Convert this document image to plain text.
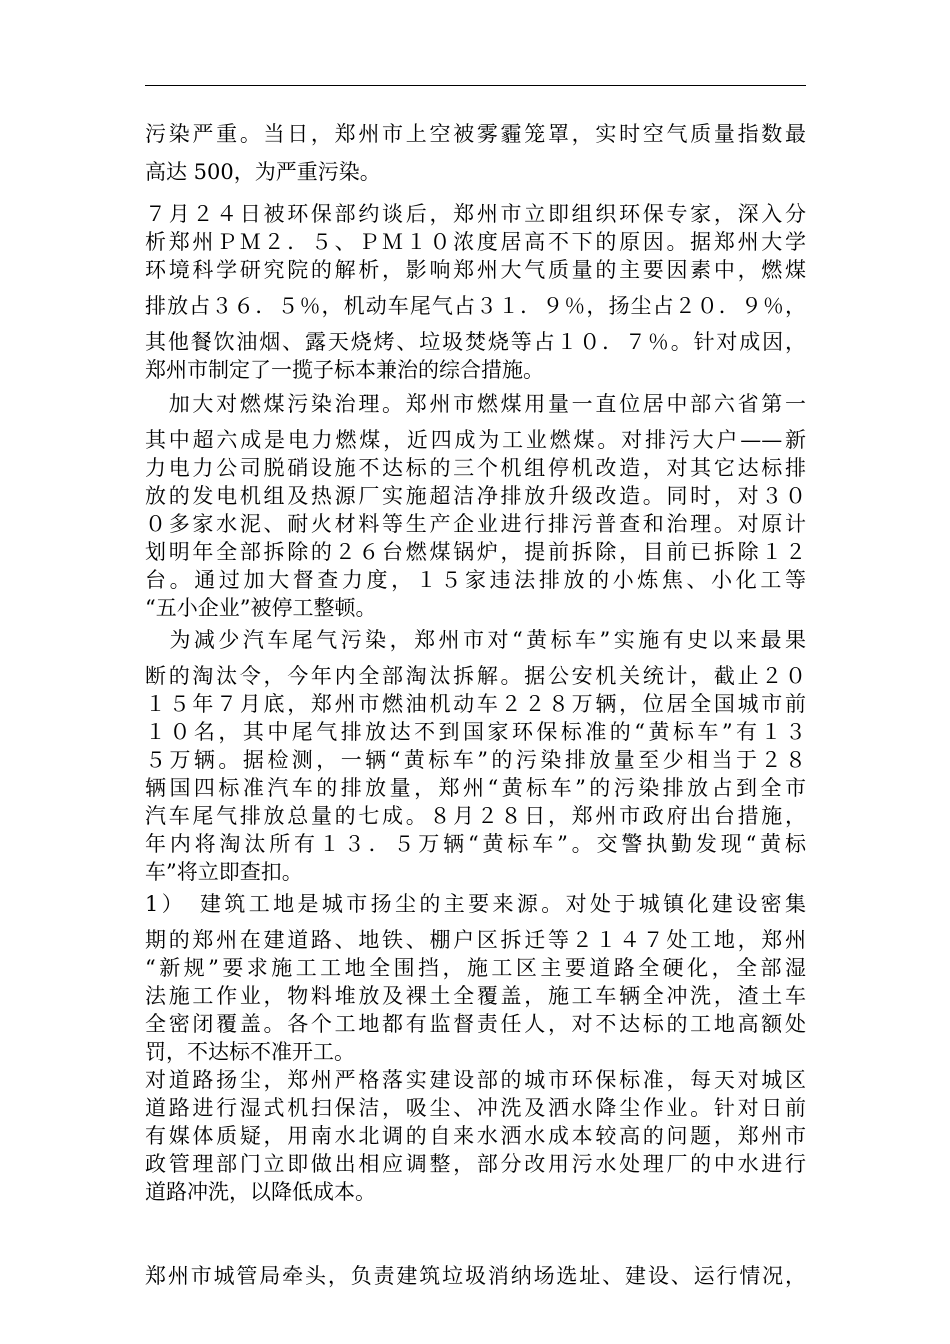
污染严重。当日，郑州市上空被雾霾笼罩，实时空气质量指数最
高达 500，为严重污染。
７月２４日被环保部约谈后，郑州市立即组织环保专家，深入分
析郑州ＰＭ２．５、ＰＭ１０浓度居高不下的原因。据郑州大学
环境科学研究院的解析，影响郑州大气质量的主要因素中，燃煤
排放占３６．５％，机动车尾气占３１．９％，扬尘占２０．９％，
其他餐饮油烟、露天烧烤、垃圾焚烧等占１０．７％。针对成因，
郑州市制定了一揽子标本兼治的综合措施。
　加大对燃煤污染治理。郑州市燃煤用量一直位居中部六省第一
其中超六成是电力燃煤，近四成为工业燃煤。对排污大户——新
力电力公司脱硝设施不达标的三个机组停机改造，对其它达标排
放的发电机组及热源厂实施超洁净排放升级改造。同时，对３０
０多家水泥、耐火材料等生产企业进行排污普查和治理。对原计
划明年全部拆除的２６台燃煤锅炉，提前拆除，目前已拆除１２
台。通过加大督查力度，１５家违法排放的小炼焦、小化工等
“五小企业”被停工整顿。
　为减少汽车尾气污染，郑州市对“黄标车”实施有史以来最果
断的淘汰令，今年内全部淘汰拆解。据公安机关统计，截止２０
１５年７月底，郑州市燃油机动车２２８万辆，位居全国城市前
１０名，其中尾气排放达不到国家环保标准的“黄标车”有１３
５万辆。据检测，一辆“黄标车”的污染排放量至少相当于２８
辆国四标准汽车的排放量，郑州“黄标车”的污染排放占到全市
汽车尾气排放总量的七成。８月２８日，郑州市政府出台措施，
年内将淘汰所有１３．５万辆“黄标车”。交警执勤发现“黄标
车”将立即查扣。
1）　建筑工地是城市扬尘的主要来源。对处于城镇化建设密集
期的郑州在建道路、地铁、棚户区拆迁等２１４７处工地，郑州
“新规”要求施工工地全围挡，施工区主要道路全硬化，全部湿
法施工作业，物料堆放及裸土全覆盖，施工车辆全冲洗，渣土车
全密闭覆盖。各个工地都有监督责任人，对不达标的工地高额处
罚，不达标不准开工。
对道路扬尘，郑州严格落实建设部的城市环保标准，每天对城区
道路进行湿式机扫保洁，吸尘、冲洗及洒水降尘作业。针对日前
有媒体质疑，用南水北调的自来水洒水成本较高的问题，郑州市
政管理部门立即做出相应调整，部分改用污水处理厂的中水进行
道路冲洗，以降低成本。
郑州市城管局牵头，负责建筑垃圾消纳场选址、建设、运行情况，
